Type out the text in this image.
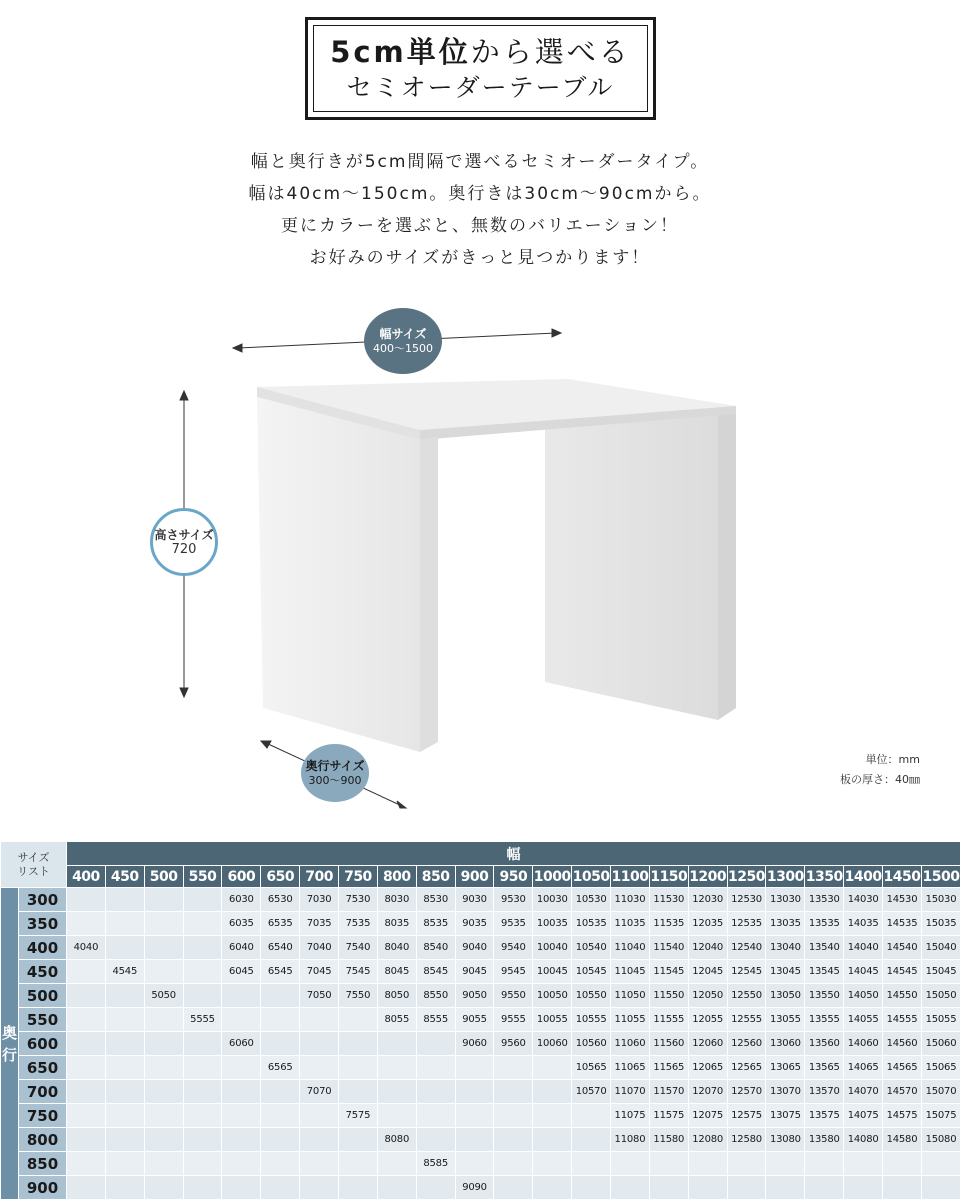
5cm単位から選べる
セミオーダーテーブル
幅と奥行きが5cm間隔で選べるセミオーダータイプ。
幅は40cm～150cm。奥行きは30cm～90cmから。
更にカラーを選ぶと、無数のバリエーション！
お好みのサイズがきっと見つかります！
幅サイズ
400～1500
高さサイズ
720
奥行サイズ
300～900
単位：mm
板の厚さ：40㎜
サイズ
リスト		幅																						
		400	450	500	550	600	650	700	750	800	850	900	950	1000	1050	1100	1150	1200	1250	1300	1350	1400	1450	1500

奥
行	300					6030	6530	7030	7530	8030	8530	9030	9530	10030	10530	11030	11530	12030	12530	13030	13530	14030	14530	15030
	350					6035	6535	7035	7535	8035	8535	9035	9535	10035	10535	11035	11535	12035	12535	13035	13535	14035	14535	15035
	400	4040				6040	6540	7040	7540	8040	8540	9040	9540	10040	10540	11040	11540	12040	12540	13040	13540	14040	14540	15040
	450		4545			6045	6545	7045	7545	8045	8545	9045	9545	10045	10545	11045	11545	12045	12545	13045	13545	14045	14545	15045
	500			5050				7050	7550	8050	8550	9050	9550	10050	10550	11050	11550	12050	12550	13050	13550	14050	14550	15050
	550				5555					8055	8555	9055	9555	10055	10555	11055	11555	12055	12555	13055	13555	14055	14555	15055
	600					6060						9060	9560	10060	10560	11060	11560	12060	12560	13060	13560	14060	14560	15060
	650						6565								10565	11065	11565	12065	12565	13065	13565	14065	14565	15065
	700							7070							10570	11070	11570	12070	12570	13070	13570	14070	14570	15070
	750								7575							11075	11575	12075	12575	13075	13575	14075	14575	15075
	800									8080						11080	11580	12080	12580	13080	13580	14080	14580	15080
	850										8585													
	900											9090												
